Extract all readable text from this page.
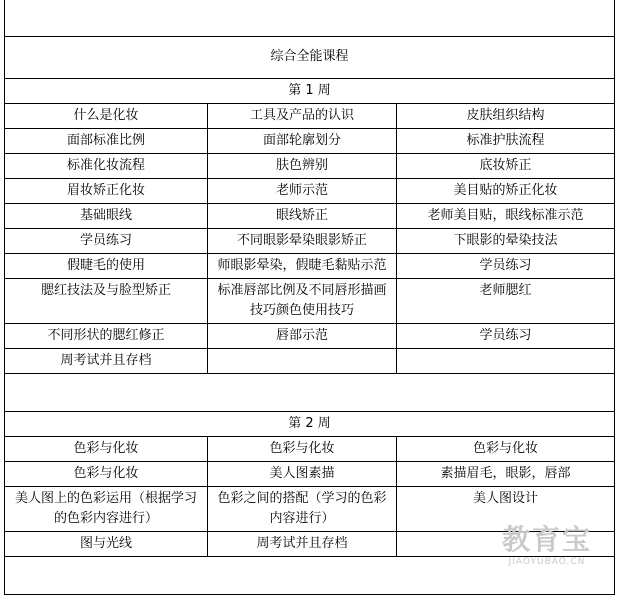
综合全能课程		
第 1 周		
什么是化妆	工具及产品的认识	皮肤组织结构
面部标准比例	面部轮廓划分	标准护肤流程
标准化妆流程	肤色辨别	底妆矫正
眉妆矫正化妆	老师示范	美目贴的矫正化妆
基础眼线	眼线矫正	老师美目贴，眼线标准示范
学员练习	不同眼影晕染眼影矫正	下眼影的晕染技法
假睫毛的使用	师眼影晕染，假睫毛黏贴示范	学员练习
腮红技法及与脸型矫正	标准唇部比例及不同唇形描画技巧颜色使用技巧	老师腮红
不同形状的腮红修正	唇部示范	学员练习
周考试并且存档		

第 2 周		
色彩与化妆	色彩与化妆	色彩与化妆
色彩与化妆	美人图素描	素描眉毛，眼影，唇部
美人图上的色彩运用（根据学习的色彩内容进行）	色彩之间的搭配（学习的色彩内容进行）	美人图设计
图与光线	周考试并且存档		教育宝
JIAOYUBAO.CN
